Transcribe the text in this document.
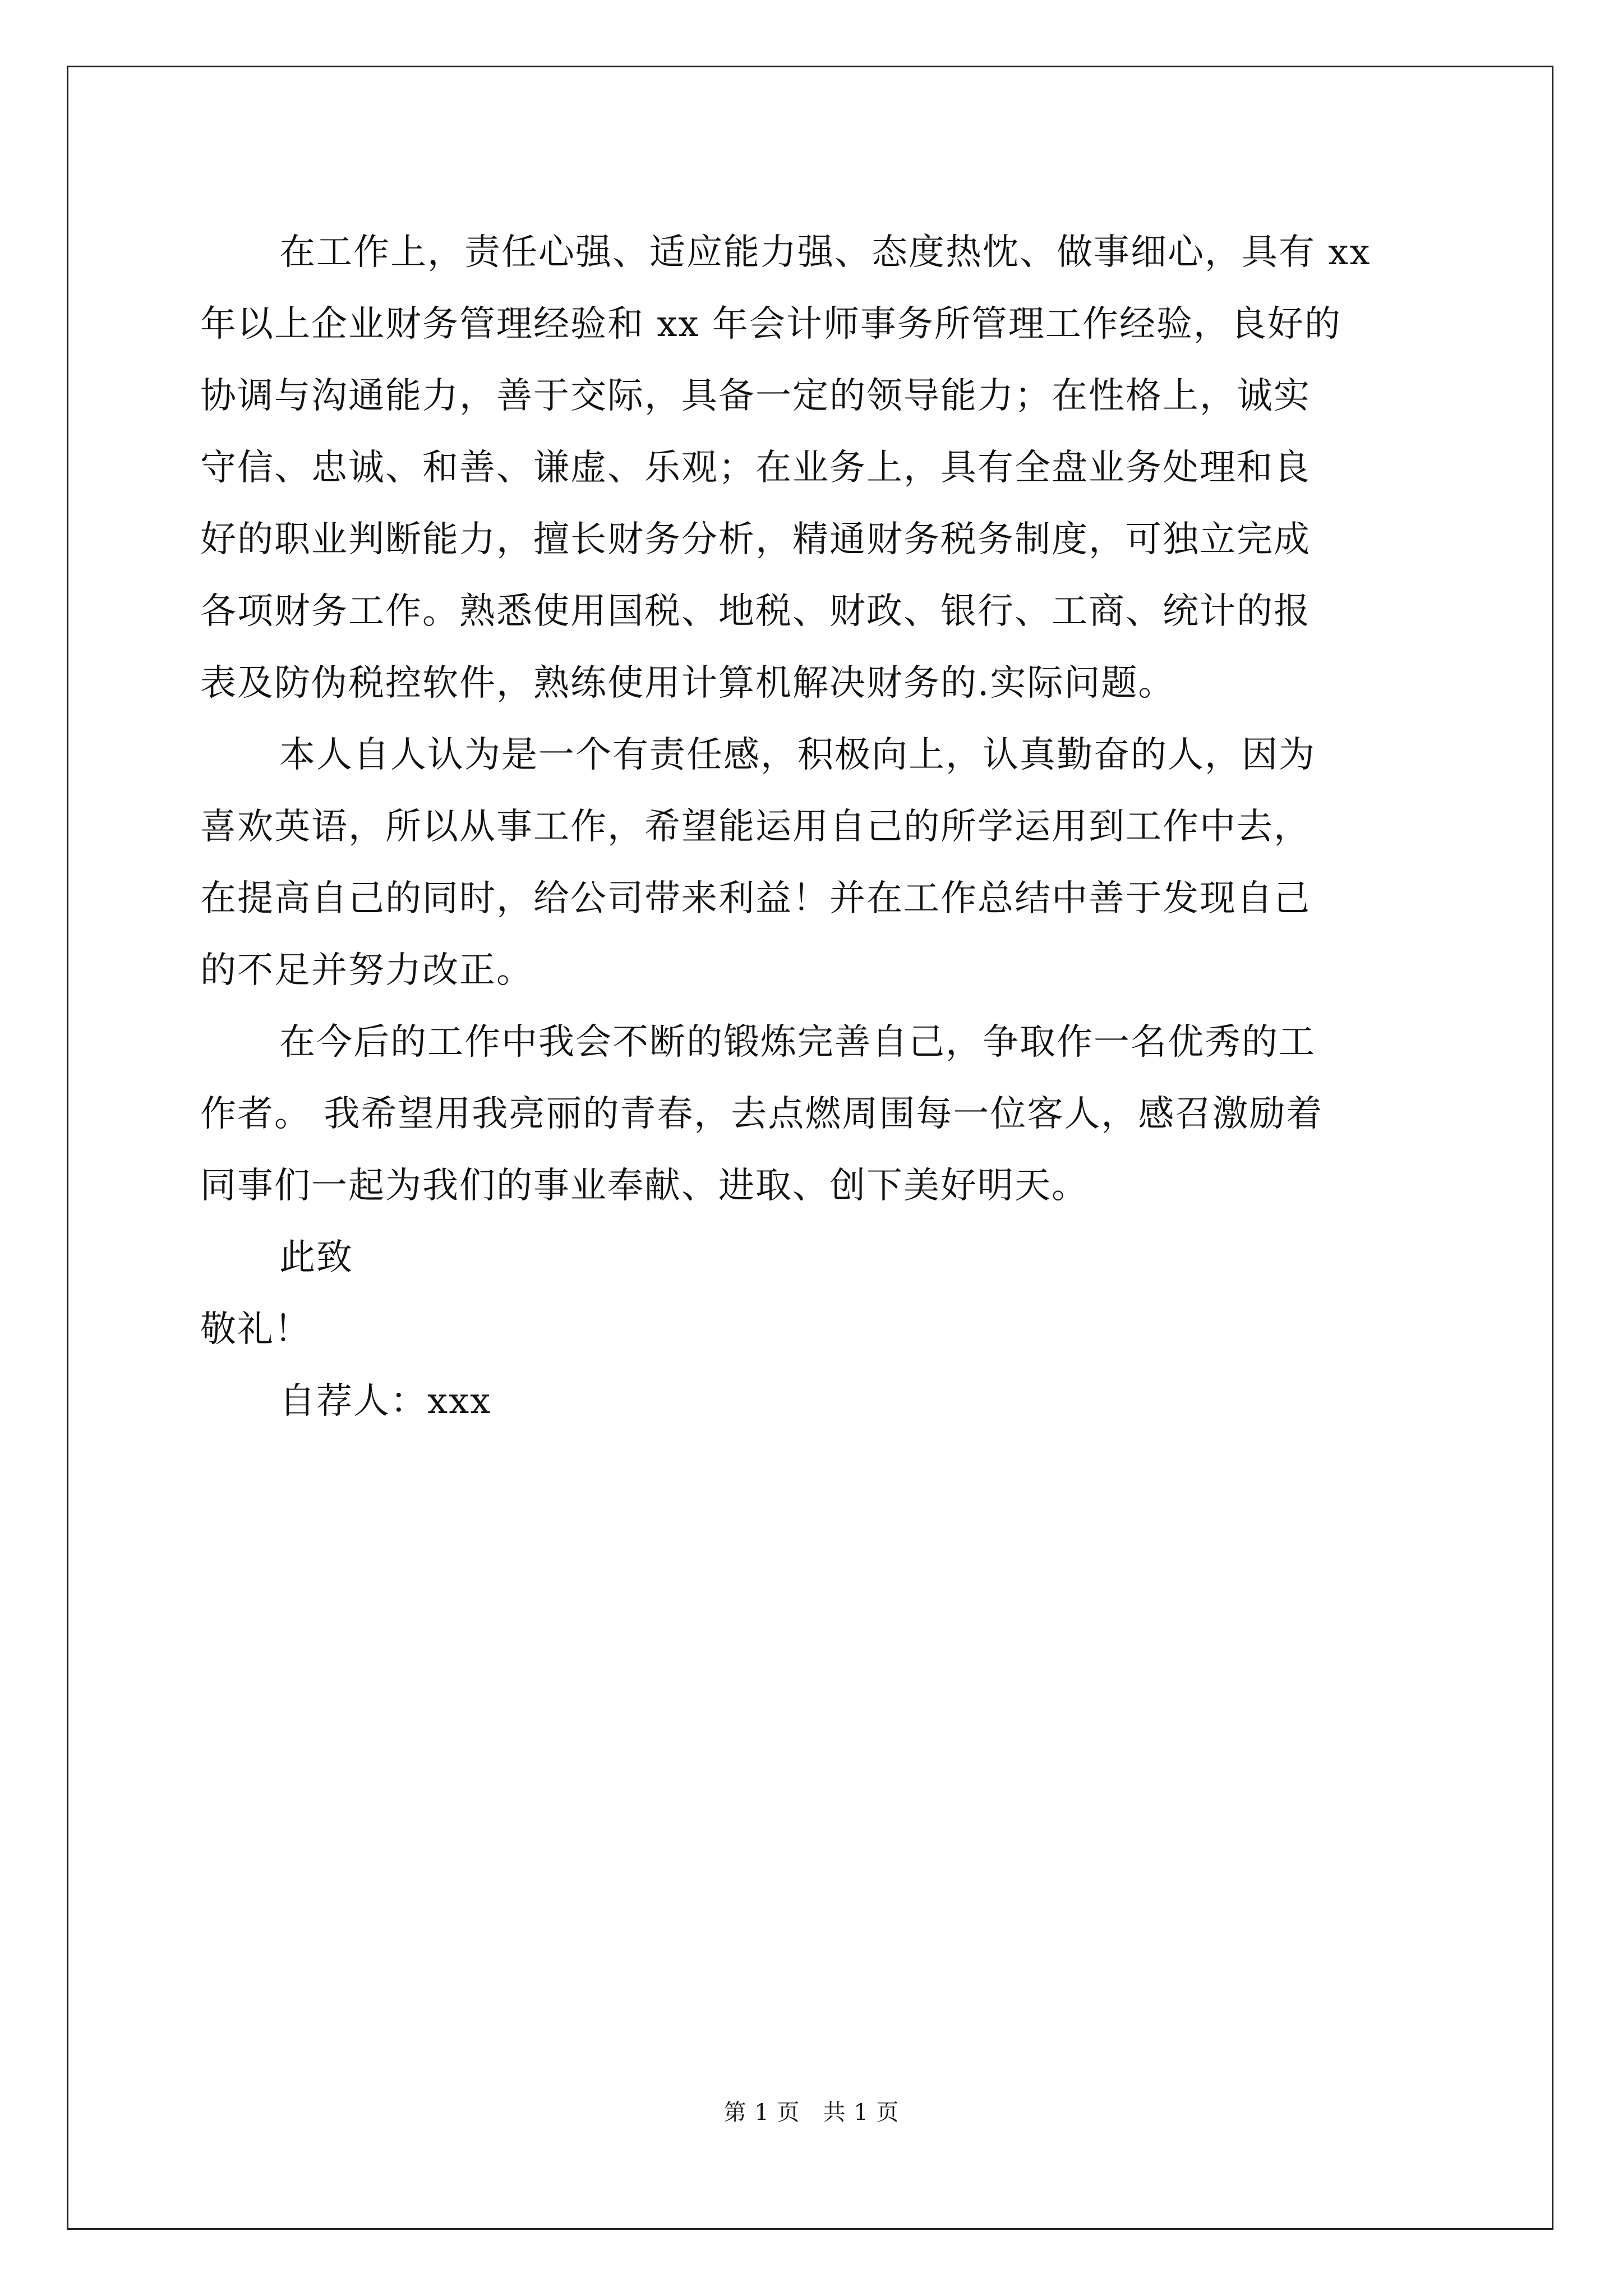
在工作上，责任心强、适应能力强、态度热忱、做事细心，具有 xx
年以上企业财务管理经验和 xx 年会计师事务所管理工作经验，良好的
协调与沟通能力，善于交际，具备一定的领导能力；在性格上，诚实
守信、忠诚、和善、谦虚、乐观；在业务上，具有全盘业务处理和良
好的职业判断能力，擅长财务分析，精通财务税务制度，可独立完成
各项财务工作。熟悉使用国税、地税、财政、银行、工商、统计的报
表及防伪税控软件，熟练使用计算机解决财务的.实际问题。
本人自人认为是一个有责任感，积极向上，认真勤奋的人，因为
喜欢英语，所以从事工作，希望能运用自己的所学运用到工作中去，
在提高自己的同时，给公司带来利益！并在工作总结中善于发现自己
的不足并努力改正。
在今后的工作中我会不断的锻炼完善自己，争取作一名优秀的工
作者。 我希望用我亮丽的青春，去点燃周围每一位客人，感召激励着
同事们一起为我们的事业奉献、进取、创下美好明天。
此致
敬礼！
自荐人：xxx
第 1 页　共 1 页
